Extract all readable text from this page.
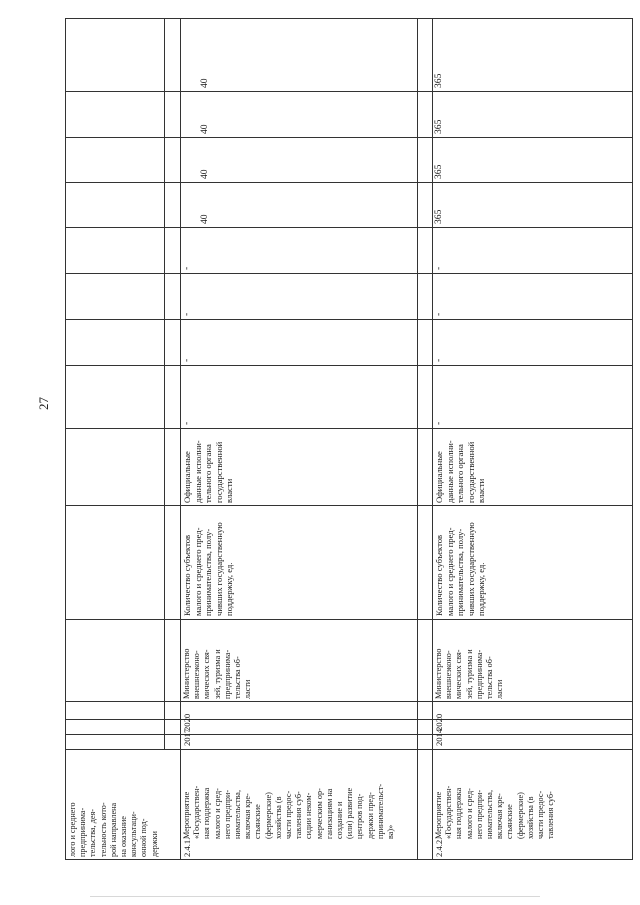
27
лого и среднего
предпринима-
тельства, дея-
тельность кото-
рой направлена
на оказание
консультаци-
онной под-
держки	2.4.1.
Мероприятие
«Государствен-
ная поддержка
малого и сред-
него предпри-
нимательства,
включая кре-
стьянские
(фермерские)
хозяйства (в
части предос-
тавления суб-
сидии неком-
мерческим ор-
ганизациям на
создание и
(или) развитие
центров под-
держки пред-
принимательст-
ва)»
2017
2020
Министерство
внешнеэконо-
мических свя-
зей, туризма и
предпринима-
тельства об-
ласти
Количество субъектов
малого и среднего пред-
принимательства, полу-
чивших государственную
поддержку, ед.
Официальные
данные исполни-
тельного органа
государственной
власти
-
-
-
-
40
40
40
40
2.4.2.
Мероприятие
«Государствен-
ная поддержка
малого и сред-
него предпри-
нимательства,
включая кре-
стьянские
(фермерские)
хозяйства (в
части предос-
тавления суб-
2014
2020
Министерство
внешнеэконо-
мических свя-
зей, туризма и
предпринима-
тельства об-
ласти
Количество субъектов
малого и среднего пред-
принимательства, полу-
чивших государственную
поддержку, ед.
Официальные
данные исполни-
тельного органа
государственной
власти
-
-
-
-
365
365
365
365
